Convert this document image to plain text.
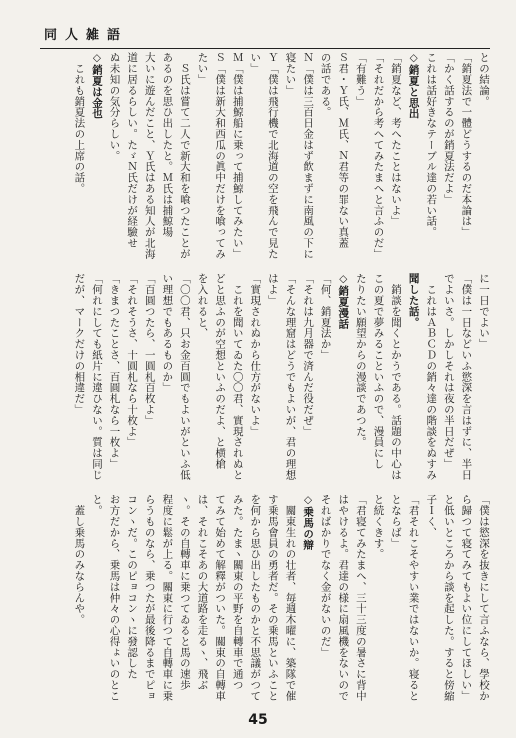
同人雑語
との結論。
「銷夏法で一體どうするのだ本論は」
「かく話するのが銷夏法だよ」
これは話好きなテーブル達の若い話。
◇銷夏と思出
「銷夏など、考へたことはないよ」
「それだから考へてみたまへと言ふのだ」
「有難う」
Ｓ君・Ｙ氏、Ｍ氏、Ｎ君等の罪ない真蓋
の話である。
Ｎ「僕は三百日金はず飲まずに南風の下に
寝たい」
Ｙ「僕は飛行機で北海道の空を飛んで見た
い」
Ｍ「僕は捕鯨船に乗って捕鯨してみたい」
Ｓ「僕は新大和西瓜の眞中だけを喰ってみ
たい」
　Ｓ氏は嘗て二人で新大和を喰つたことが
あるのを思ひ出したと。Ｍ氏は捕鯨場
大いに遊んだこと、Ｙ氏はある知人が北海
道に居るらしい。たゞＮ氏だけが経驗せ
ぬ未知の気分らしい。
◇銷夏は金也
　これも銷夏法の上席の話。
に一日でよい」
「僕は一日などいふ慾深を言はずに、半日
でよいさ。しかしそれは夜の半日だぜ」
　これはＡＢＣＤの銷々達の階談をぬすみ
聞した話。
　銷談を聞くとかうである。話題の中心は
この夏で夢みることいふので、漫員にし
たりたい願望からの漫談であつた。
◇銷夏漫話
「何、銷夏法か」
「それは九月器で済んだ役だぜ」
「そんな理窟はどうでもよいが、君の理想
はよ」
「實現されぬから仕方がないよ」
　これを聞いてゐた〇〇君、實現されぬと
どと思ふのが空想といふのだよ、と横槍
を入れると、
「〇〇君、只お金百圓でもよいがといふ低
い理想でもあるものか」
「百圓つたら、一圓札百枚よ」
「それそうさ、十圓札なら十枚よ」
「きまつたことさ、百圓札なら一枚よ」
「何れにしても紙片に違ひない。質は同じ
だが、マークだけの相違だ」
「僕は慾深を抜きにして言ふなら、學校か
ら歸つて寝てみてもよい位にしてほしい」
と低いところから談を起した。すると傍縮
子Ｉく、
「君それこそやすい業ではないか。寝ると
とならば」
と続くきす。
「君寝てみたまへ、三十三度の暑さに背中
はやけるよ。君達の様に扇風機をないので
そればかりでなく金がないのだ」
◇乗馬の辯
　關東生れの壮者、毎週木曜に、築隊で催
す乗馬會員の勇者だ。その乗馬といふこと
を何から思ひ出したものかと不思議がつて
みた。たまヽ關東の平野を自轉車で通つ
てみて始めて解釋がついた。關東の自轉車
は、それこそあの大道路を走るヽ、飛ぶ
ヽ。その自轉車に乗つてゐると馬の速歩
程度に鬆が上る。關東に行つて自轉車に乗
らうものなら、乗つたが最後降るまでピョ
コンヽだ。このピョコンヽに發認した
お方だから、乗馬は仲々の心得ょいのとこ
と。
　蓋し乗馬のみならんや。
45
